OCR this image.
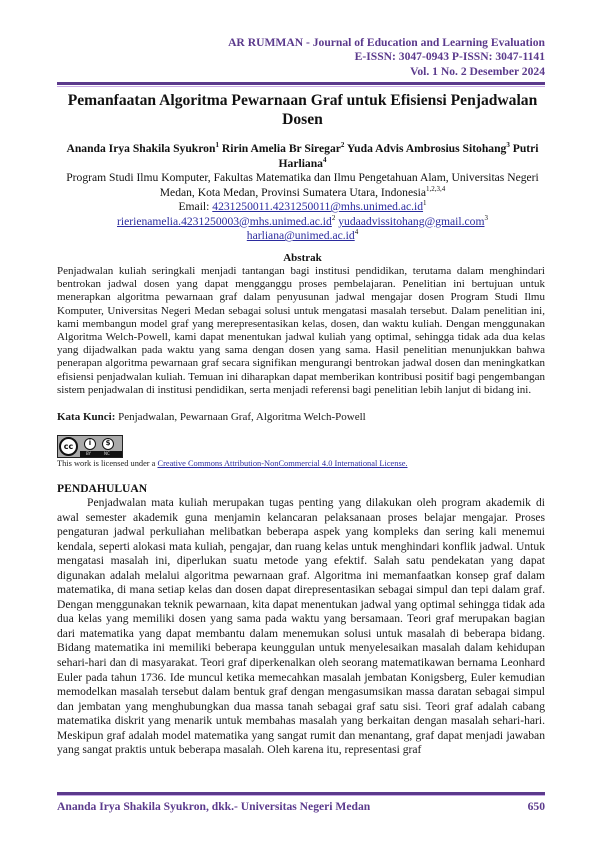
AR RUMMAN - Journal of Education and Learning Evaluation
E-ISSN: 3047-0943 P-ISSN: 3047-1141
Vol. 1 No. 2 Desember 2024
Pemanfaatan Algoritma Pewarnaan Graf untuk Efisiensi Penjadwalan Dosen
Ananda Irya Shakila Syukron$^1$ Ririn Amelia Br Siregar$^2$ Yuda Advis Ambrosius Sitohang$^3$ Putri Harliana$^4$
Program Studi Ilmu Komputer, Fakultas Matematika dan Ilmu Pengetahuan Alam, Universitas Negeri Medan, Kota Medan, Provinsi Sumatera Utara, Indonesia$^{1,2,3,4}$
Email: $4231250011.4231250011@mhs.unimed.ac.id^1$
$rierienamelia.4231250003@mhs.unimed.ac.id^2$ yudaadvissitohang@gmail.com$^3$
$harliana@unimed.ac.id^4$
Abstrak
Penjadwalan kuliah seringkali menjadi tantangan bagi institusi pendidikan, terutama dalam menghindari bentrokan jadwal dosen yang dapat mengganggu proses pembelajaran. Penelitian ini bertujuan untuk menerapkan algoritma pewarnaan graf dalam penyusunan jadwal mengajar dosen Program Studi Ilmu Komputer, Universitas Negeri Medan sebagai solusi untuk mengatasi masalah tersebut. Dalam penelitian ini, kami membangun model graf yang merepresentasikan kelas, dosen, dan waktu kuliah. Dengan menggunakan Algoritma Welch-Powell, kami dapat menentukan jadwal kuliah yang optimal, sehingga tidak ada dua kelas yang dijadwalkan pada waktu yang sama dengan dosen yang sama. Hasil penelitian menunjukkan bahwa penerapan algoritma pewarnaan graf secara signifikan mengurangi bentrokan jadwal dosen dan meningkatkan efisiensi penjadwalan kuliah. Temuan ini diharapkan dapat memberikan kontribusi positif bagi pengembangan sistem penjadwalan di institusi pendidikan, serta menjadi referensi bagi penelitian lebih lanjut di bidang ini.
Kata Kunci: Penjadwalan, Pewarnaan Graf, Algoritma Welch-Powell
cc	i	$
BY	NC
This work is licensed under a Creative Commons Attribution-NonCommercial 4.0 International License.
PENDAHULUAN
Penjadwalan mata kuliah merupakan tugas penting yang dilakukan oleh program akademik di awal semester akademik guna menjamin kelancaran pelaksanaan proses belajar mengajar. Proses pengaturan jadwal perkuliahan melibatkan beberapa aspek yang kompleks dan sering kali menemui kendala, seperti alokasi mata kuliah, pengajar, dan ruang kelas untuk menghindari konflik jadwal. Untuk mengatasi masalah ini, diperlukan suatu metode yang efektif. Salah satu pendekatan yang dapat digunakan adalah melalui algoritma pewarnaan graf. Algoritma ini memanfaatkan konsep graf dalam matematika, di mana setiap kelas dan dosen dapat direpresentasikan sebagai simpul dan tepi dalam graf. Dengan menggunakan teknik pewarnaan, kita dapat menentukan jadwal yang optimal sehingga tidak ada dua kelas yang memiliki dosen yang sama pada waktu yang bersamaan. Teori graf merupakan bagian dari matematika yang dapat membantu dalam menemukan solusi untuk masalah di beberapa bidang. Bidang matematika ini memiliki beberapa keunggulan untuk menyelesaikan masalah dalam kehidupan sehari-hari dan di masyarakat. Teori graf diperkenalkan oleh seorang matematikawan bernama Leonhard Euler pada tahun 1736. Ide muncul ketika memecahkan masalah jembatan Konigsberg, Euler kemudian memodelkan masalah tersebut dalam bentuk graf dengan mengasumsikan massa daratan sebagai simpul dan jembatan yang menghubungkan dua massa tanah sebagai graf satu sisi. Teori graf adalah cabang matematika diskrit yang menarik untuk membahas masalah yang berkaitan dengan masalah sehari-hari. Meskipun graf adalah model matematika yang sangat rumit dan menantang, graf dapat menjadi jawaban yang sangat praktis untuk beberapa masalah. Oleh karena itu, representasi graf
Ananda Irya Shakila Syukron, dkk.- Universitas Negeri Medan	650
